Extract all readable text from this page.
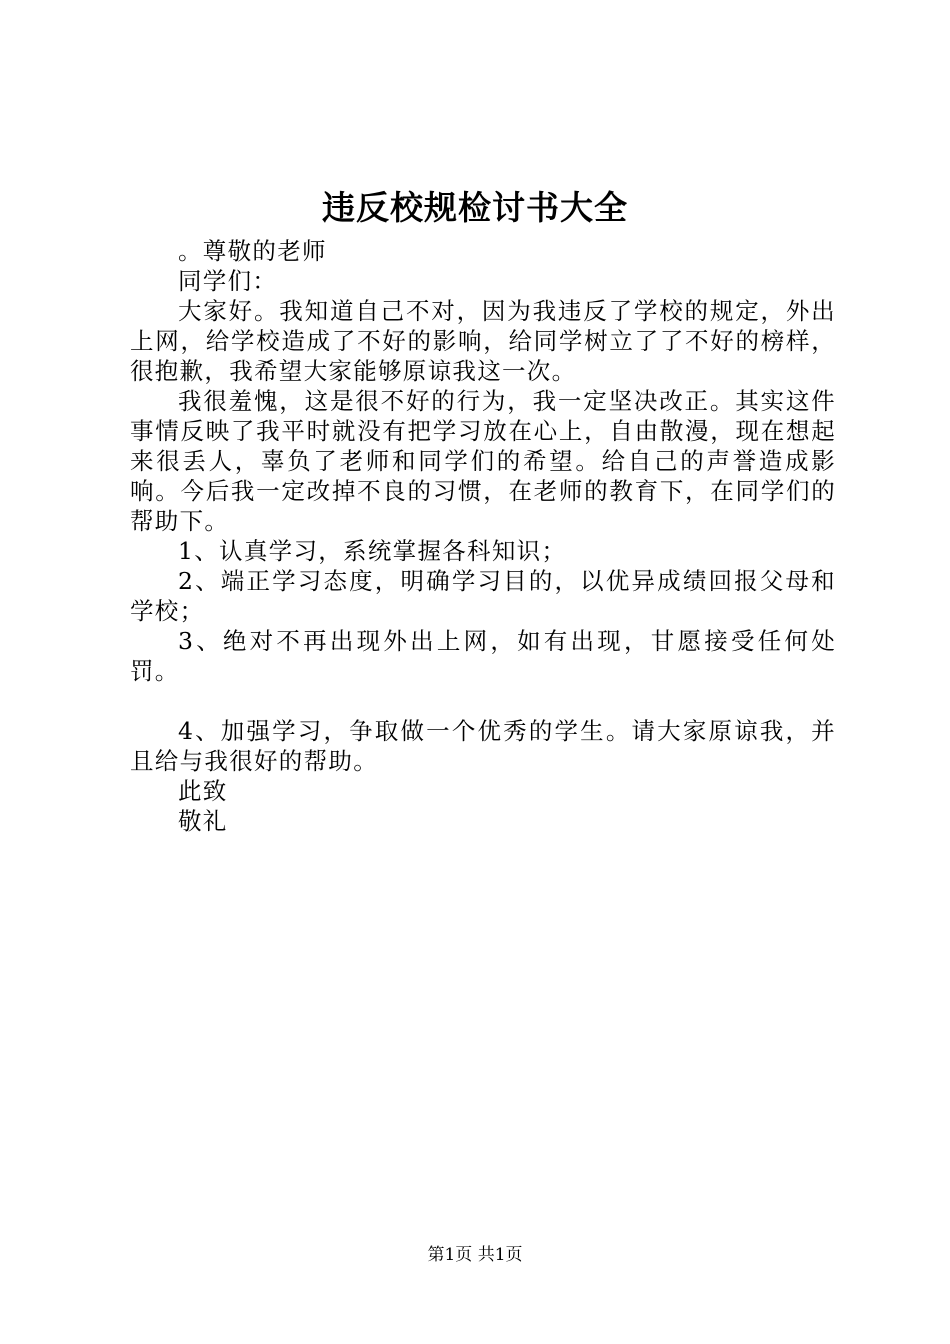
违反校规检讨书大全

。尊敬的老师

同学们：

大家好。我知道自己不对，因为我违反了学校的规定，外出上网，给学校造成了不好的影响，给同学树立了了不好的榜样，很抱歉，我希望大家能够原谅我这一次。

我很羞愧，这是很不好的行为，我一定坚决改正。其实这件事情反映了我平时就没有把学习放在心上，自由散漫，现在想起来很丢人，辜负了老师和同学们的希望。给自己的声誉造成影响。今后我一定改掉不良的习惯，在老师的教育下，在同学们的帮助下。

1、认真学习，系统掌握各科知识；

2、端正学习态度，明确学习目的，以优异成绩回报父母和学校；

3、绝对不再出现外出上网，如有出现，甘愿接受任何处罚。

4、加强学习，争取做一个优秀的学生。请大家原谅我，并且给与我很好的帮助。

此致

敬礼

第1页 共1页
